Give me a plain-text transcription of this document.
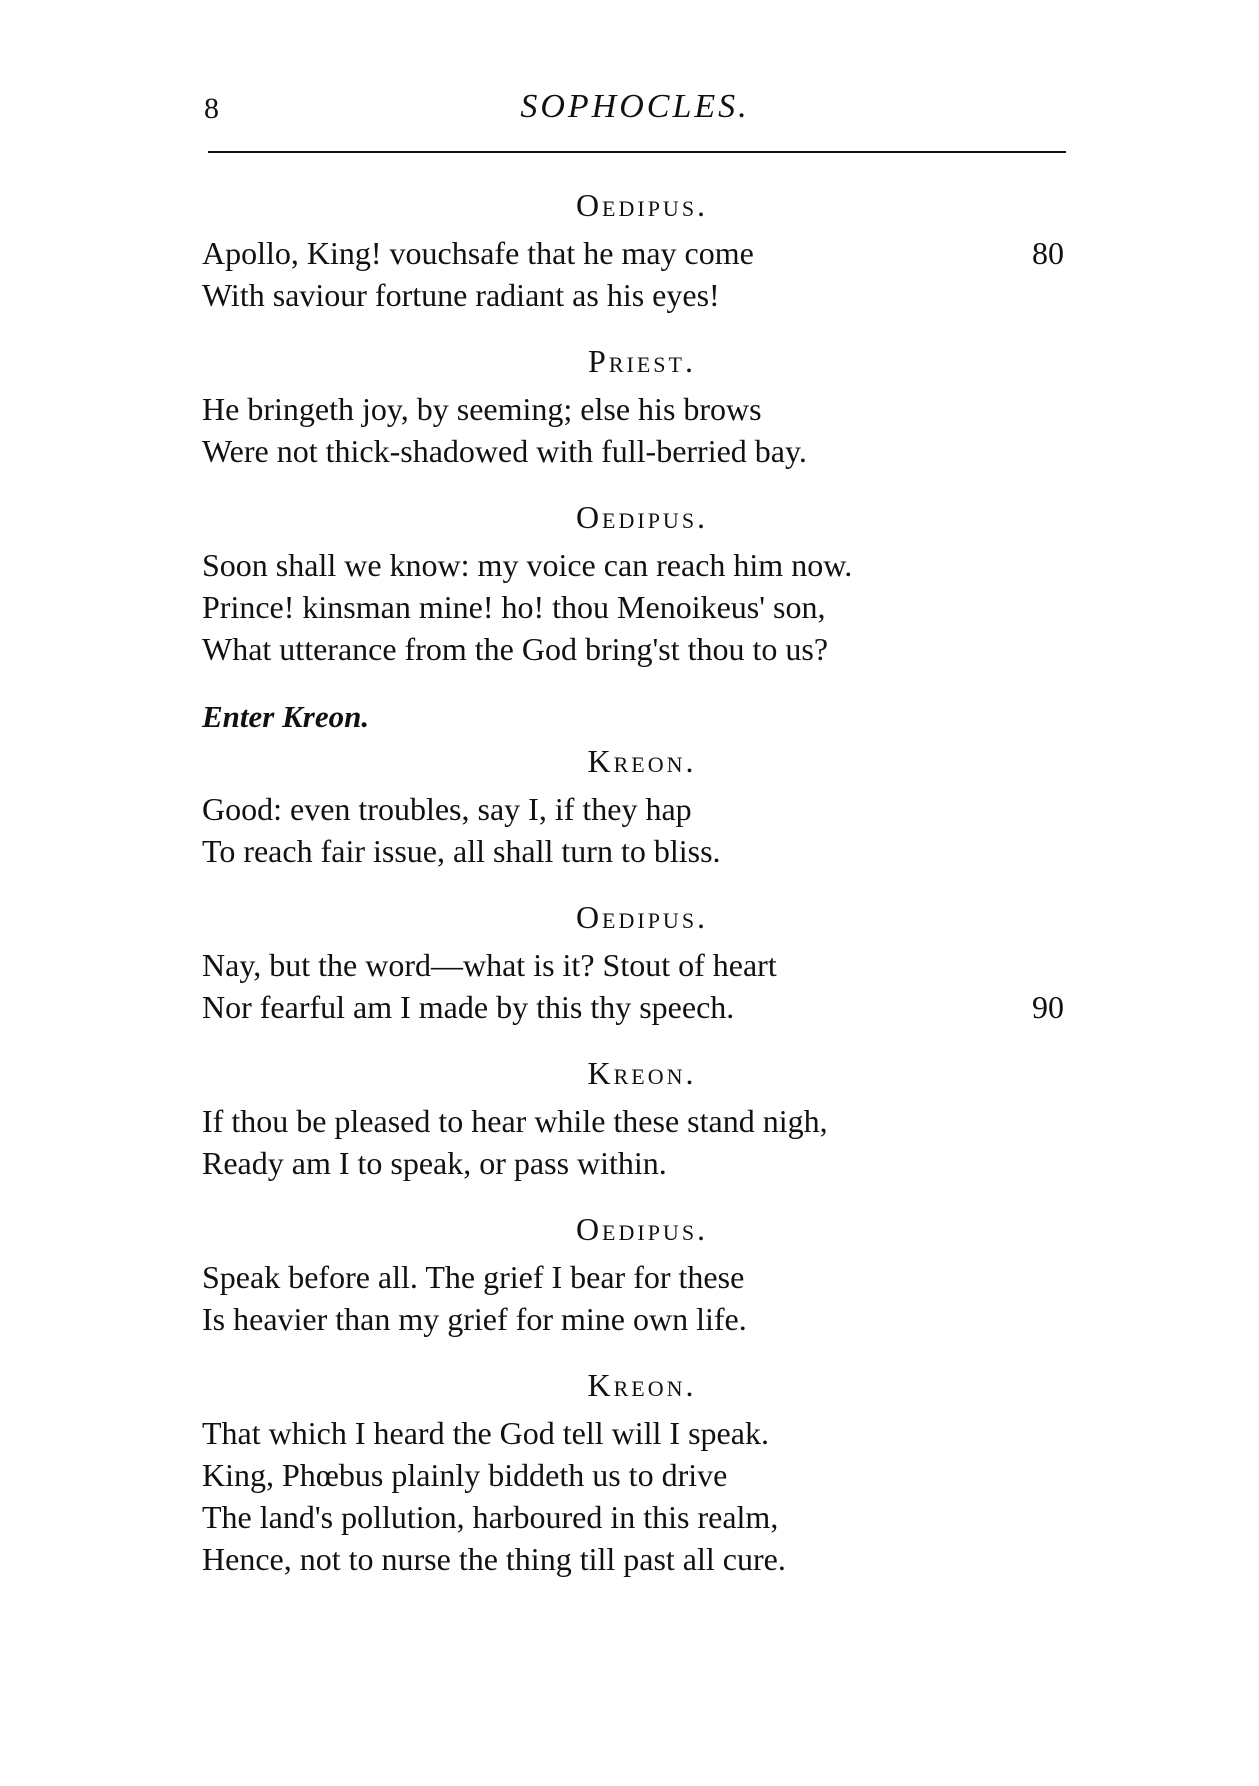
8	SOPHOCLES.
Oedipus.
Apollo, King! vouchsafe that he may come	80
With saviour fortune radiant as his eyes!
Priest.
He bringeth joy, by seeming; else his brows
Were not thick-shadowed with full-berried bay.
Oedipus.
Soon shall we know: my voice can reach him now.
Prince! kinsman mine! ho! thou Menoikeus' son,
What utterance from the God bring'st thou to us?
Enter Kreon.
Kreon.
Good: even troubles, say I, if they hap
To reach fair issue, all shall turn to bliss.
Oedipus.
Nay, but the word—what is it? Stout of heart
Nor fearful am I made by this thy speech.	90
Kreon.
If thou be pleased to hear while these stand nigh,
Ready am I to speak, or pass within.
Oedipus.
Speak before all. The grief I bear for these
Is heavier than my grief for mine own life.
Kreon.
That which I heard the God tell will I speak.
King, Phœbus plainly biddeth us to drive
The land's pollution, harboured in this realm,
Hence, not to nurse the thing till past all cure.
